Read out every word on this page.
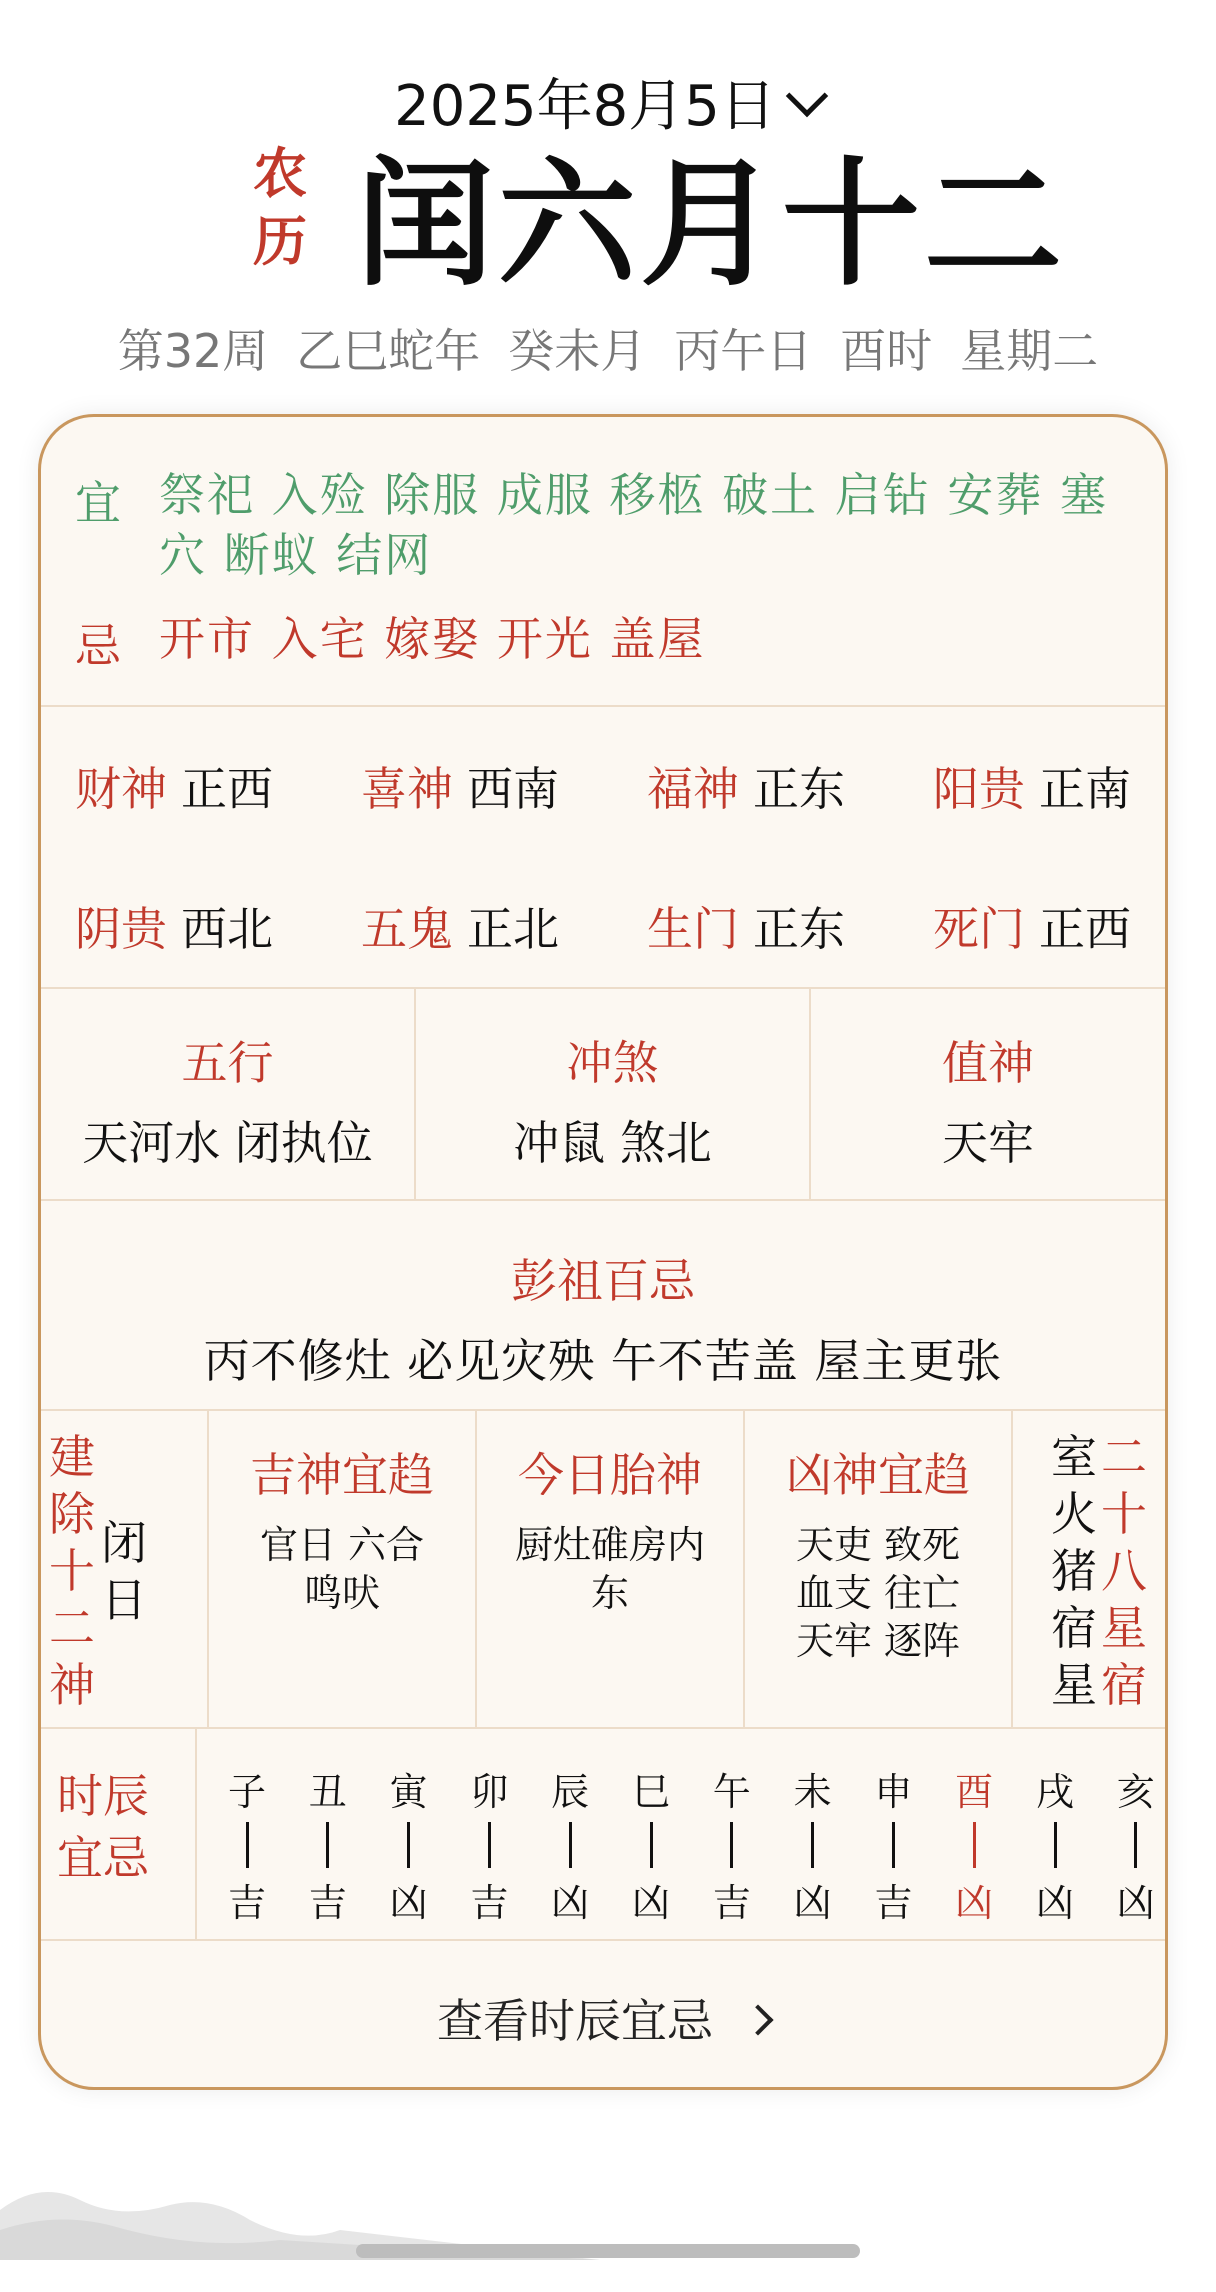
2025年8月5日
农
历 闰六月十二
第32周 乙巳蛇年 癸未月 丙午日 酉时 星期二
宜 祭祀 入殓 除服 成服 移柩 破土 启钻 安葬 塞穴 断蚁 结网
忌 开市 入宅 嫁娶 开光 盖屋
财神 正西 喜神 西南 福神 正东 阳贵 正南
阴贵 西北 五鬼 正北 生门 正东 死门 正西
五行
天河水 闭执位
冲煞
冲鼠 煞北
值神
天牢
彭祖百忌
丙不修灶 必见灾殃 午不苦盖 屋主更张
建
除
十
二
神
闭
日
吉神宜趋
官日 六合
鸣吠
今日胎神
厨灶碓房内
东
凶神宜趋
天吏 致死
血支 往亡
天牢 逐阵
室
火
猪
宿
星
二
十
八
星
宿
时辰
宜忌
子
吉
丑
吉
寅
凶
卯
吉
辰
凶
巳
凶
午
吉
未
凶
申
吉
酉
凶
戌
凶
亥
凶
查看时辰宜忌
